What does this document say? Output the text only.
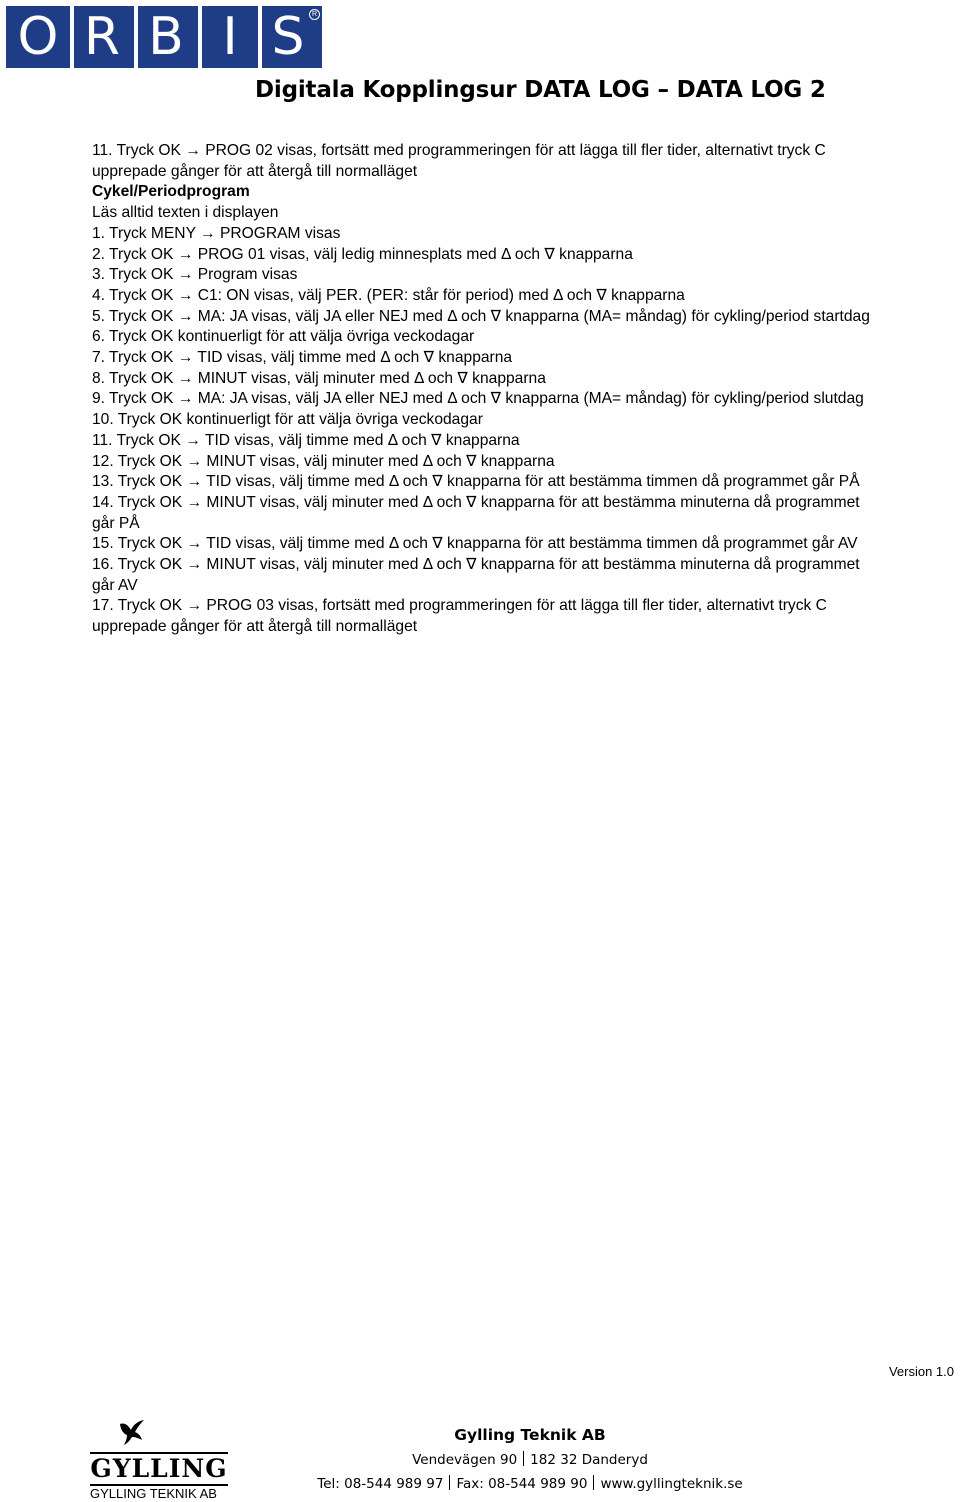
O R B I S	R
Digitala Kopplingsur DATA LOG – DATA LOG 2
11. Tryck OK → PROG 02 visas, fortsätt med programmeringen för att lägga till fler tider, alternativt tryck C
upprepade gånger för att återgå till normalläget
Cykel/Periodprogram
Läs alltid texten i displayen
1. Tryck MENY → PROGRAM visas
2. Tryck OK → PROG 01 visas, välj ledig minnesplats med Δ och ∇ knapparna
3. Tryck OK → Program visas
4. Tryck OK → C1: ON visas, välj PER. (PER: står för period) med Δ och ∇ knapparna
5. Tryck OK → MA: JA visas, välj JA eller NEJ med Δ och ∇ knapparna (MA= måndag) för cykling/period startdag
6. Tryck OK kontinuerligt för att välja övriga veckodagar
7. Tryck OK → TID visas, välj timme med Δ och ∇ knapparna
8. Tryck OK → MINUT visas, välj minuter med Δ och ∇ knapparna
9. Tryck OK → MA: JA visas, välj JA eller NEJ med Δ och ∇ knapparna (MA= måndag) för cykling/period slutdag
10. Tryck OK kontinuerligt för att välja övriga veckodagar
11. Tryck OK → TID visas, välj timme med Δ och ∇ knapparna
12. Tryck OK → MINUT visas, välj minuter med Δ och ∇ knapparna
13. Tryck OK → TID visas, välj timme med Δ och ∇ knapparna för att bestämma timmen då programmet går PÅ
14. Tryck OK → MINUT visas, välj minuter med Δ och ∇ knapparna för att bestämma minuterna då programmet
går PÅ
15. Tryck OK → TID visas, välj timme med Δ och ∇ knapparna för att bestämma timmen då programmet går AV
16. Tryck OK → MINUT visas, välj minuter med Δ och ∇ knapparna för att bestämma minuterna då programmet
går AV
17. Tryck OK → PROG 03 visas, fortsätt med programmeringen för att lägga till fler tider, alternativt tryck C
upprepade gånger för att återgå till normalläget
Version 1.0
GYLLING
GYLLING TEKNIK AB
Gylling Teknik AB
Vendevägen 90 182 32 Danderyd
Tel: 08-544 989 97 Fax: 08-544 989 90 www.gyllingteknik.se
